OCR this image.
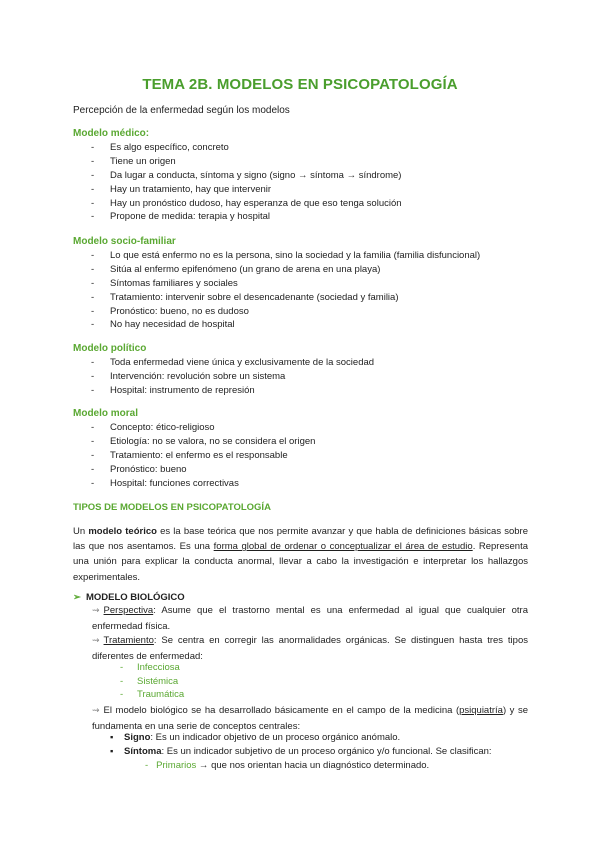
TEMA 2B. MODELOS EN PSICOPATOLOGÍA
Percepción de la enfermedad según los modelos
Modelo médico:
- Es algo específico, concreto
- Tiene un origen
- Da lugar a conducta, síntoma y signo (signo → síntoma → síndrome)
- Hay un tratamiento, hay que intervenir
- Hay un pronóstico dudoso, hay esperanza de que eso tenga solución
- Propone de medida: terapia y hospital
Modelo socio-familiar
- Lo que está enfermo no es la persona, sino la sociedad y la familia (familia disfuncional)
- Sitúa al enfermo epifenómeno (un grano de arena en una playa)
- Síntomas familiares y sociales
- Tratamiento: intervenir sobre el desencadenante (sociedad y familia)
- Pronóstico: bueno, no es dudoso
- No hay necesidad de hospital
Modelo político
- Toda enfermedad viene única y exclusivamente de la sociedad
- Intervención: revolución sobre un sistema
- Hospital: instrumento de represión
Modelo moral
- Concepto: ético-religioso
- Etiología: no se valora, no se considera el origen
- Tratamiento: el enfermo es el responsable
- Pronóstico: bueno
- Hospital: funciones correctivas
TIPOS DE MODELOS EN PSICOPATOLOGÍA
Un modelo teórico es la base teórica que nos permite avanzar y que habla de definiciones básicas sobre las que nos asentamos. Es una forma global de ordenar o conceptualizar el área de estudio. Representa una unión para explicar la conducta anormal, llevar a cabo la investigación e interpretar los hallazgos experimentales.
➢ MODELO BIOLÓGICO
⇝ Perspectiva: Asume que el trastorno mental es una enfermedad al igual que cualquier otra enfermedad física.
⇝ Tratamiento: Se centra en corregir las anormalidades orgánicas. Se distinguen hasta tres tipos diferentes de enfermedad:
- Infecciosa
- Sistémica
- Traumática
⇝ El modelo biológico se ha desarrollado básicamente en el campo de la medicina (psiquiatría) y se fundamenta en una serie de conceptos centrales:
▪ Signo: Es un indicador objetivo de un proceso orgánico anómalo.
▪ Síntoma: Es un indicador subjetivo de un proceso orgánico y/o funcional. Se clasifican:
- Primarios → que nos orientan hacia un diagnóstico determinado.
